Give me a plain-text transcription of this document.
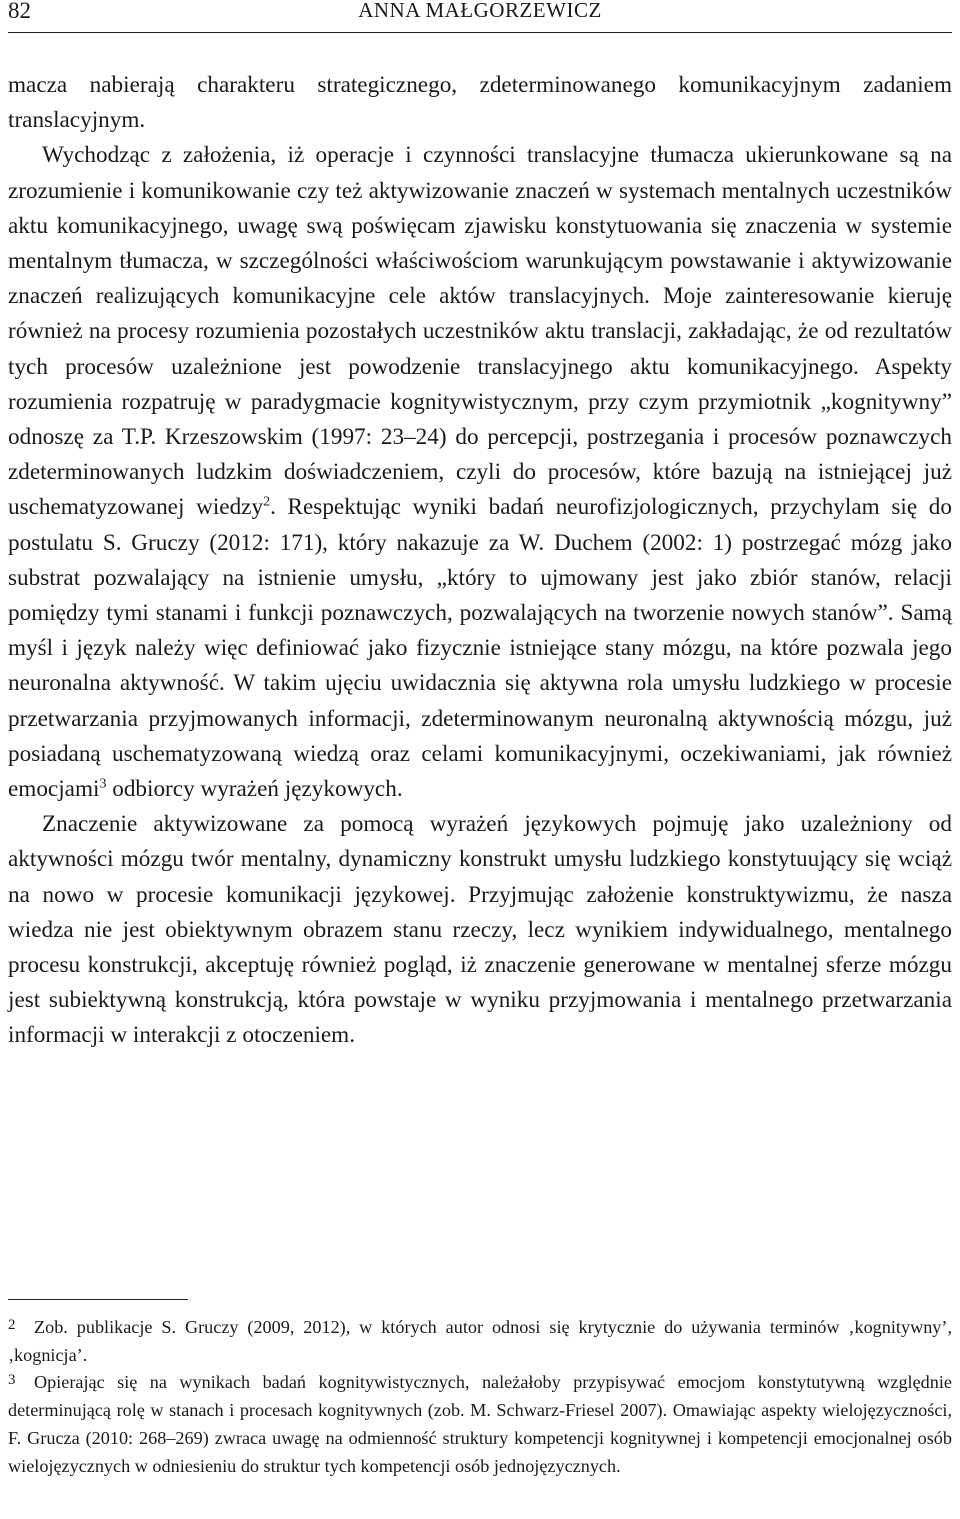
82	ANNA MAŁGORZEWICZ

macza nabierają charakteru strategicznego, zdeterminowanego komunikacyjnym zadaniem translacyjnym.

Wychodząc z założenia, iż operacje i czynności translacyjne tłumacza ukierunkowane są na zrozumienie i komunikowanie czy też aktywizowanie znaczeń w systemach mentalnych uczestników aktu komunikacyjnego, uwagę swą poświęcam zjawisku konstytuowania się znaczenia w systemie mentalnym tłumacza, w szczególności właściwościom warunkującym powstawanie i aktywizowanie znaczeń realizujących komunikacyjne cele aktów translacyjnych. Moje zainteresowanie kieruję również na procesy rozumienia pozostałych uczestników aktu translacji, zakładając, że od rezultatów tych procesów uzależnione jest powodzenie translacyjnego aktu komunikacyjnego. Aspekty rozumienia rozpatruję w paradygmacie kognitywistycznym, przy czym przymiotnik „kognitywny” odnoszę za T.P. Krzeszowskim (1997: 23–24) do percepcji, postrzegania i procesów poznawczych zdeterminowanych ludzkim doświadczeniem, czyli do procesów, które bazują na istniejącej już uschematyzowanej wiedzy$^2$. Respektując wyniki badań neurofizjologicznych, przychylam się do postulatu S. Gruczy (2012: 171), który nakazuje za W. Duchem (2002: 1) postrzegać mózg jako substrat pozwalający na istnienie umysłu, „który to ujmowany jest jako zbiór stanów, relacji pomiędzy tymi stanami i funkcji poznawczych, pozwalających na tworzenie nowych stanów”. Samą myśl i język należy więc definiować jako fizycznie istniejące stany mózgu, na które pozwala jego neuronalna aktywność. W takim ujęciu uwidacznia się aktywna rola umysłu ludzkiego w procesie przetwarzania przyjmowanych informacji, zdeterminowanym neuronalną aktywnością mózgu, już posiadaną uschematyzowaną wiedzą oraz celami komunikacyjnymi, oczekiwaniami, jak również emocjami$^3$ odbiorcy wyrażeń językowych.

Znaczenie aktywizowane za pomocą wyrażeń językowych pojmuję jako uzależniony od aktywności mózgu twór mentalny, dynamiczny konstrukt umysłu ludzkiego konstytuujący się wciąż na nowo w procesie komunikacji językowej. Przyjmując założenie konstruktywizmu, że nasza wiedza nie jest obiektywnym obrazem stanu rzeczy, lecz wynikiem indywidualnego, mentalnego procesu konstrukcji, akceptuję również pogląd, iż znaczenie generowane w mentalnej sferze mózgu jest subiektywną konstrukcją, która powstaje w wyniku przyjmowania i mentalnego przetwarzania informacji w interakcji z otoczeniem.

2 Zob. publikacje S. Gruczy (2009, 2012), w których autor odnosi się krytycznie do używania terminów ‚kognitywny’, ‚kognicja’.

3 Opierając się na wynikach badań kognitywistycznych, należałoby przypisywać emocjom konstytutywną względnie determinującą rolę w stanach i procesach kognitywnych (zob. M. Schwarz-Friesel 2007). Omawiając aspekty wielojęzyczności, F. Grucza (2010: 268–269) zwraca uwagę na odmienność struktury kompetencji kognitywnej i kompetencji emocjonalnej osób wielojęzycznych w odniesieniu do struktur tych kompetencji osób jednojęzycznych.
